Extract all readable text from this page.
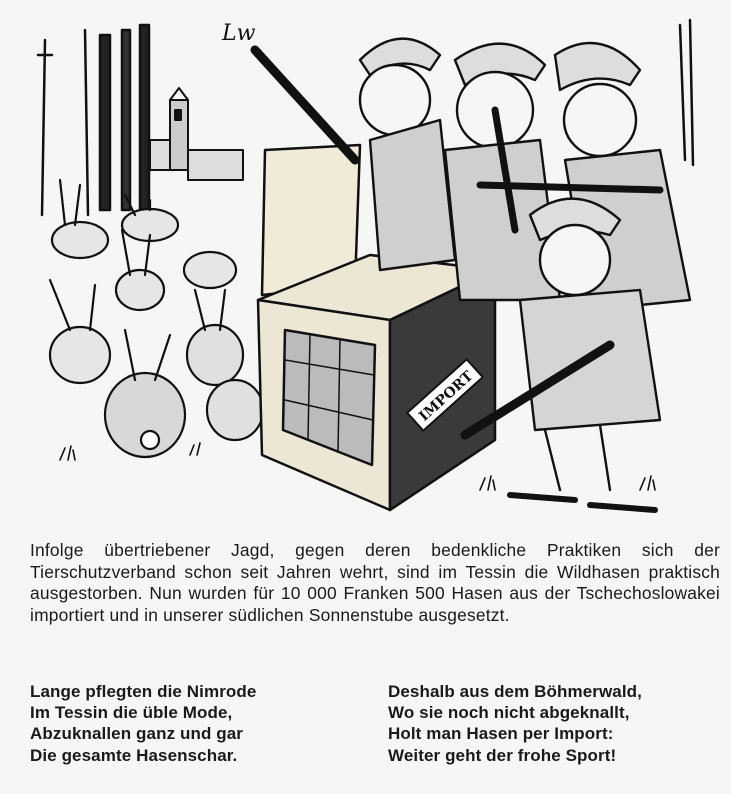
Lw
IMPORT
Infolge übertriebener Jagd, gegen deren bedenkliche Praktiken sich der Tierschutzverband schon seit Jahren wehrt, sind im Tessin die Wildhasen praktisch ausgestorben. Nun wurden für 10 000 Franken 500 Hasen aus der Tschechoslowakei importiert und in unserer südlichen Sonnenstube ausgesetzt.
Lange pflegten die Nimrode
Im Tessin die üble Mode,
Abzuknallen ganz und gar
Die gesamte Hasenschar.
Deshalb aus dem Böhmerwald,
Wo sie noch nicht abgeknallt,
Holt man Hasen per Import:
Weiter geht der frohe Sport!
